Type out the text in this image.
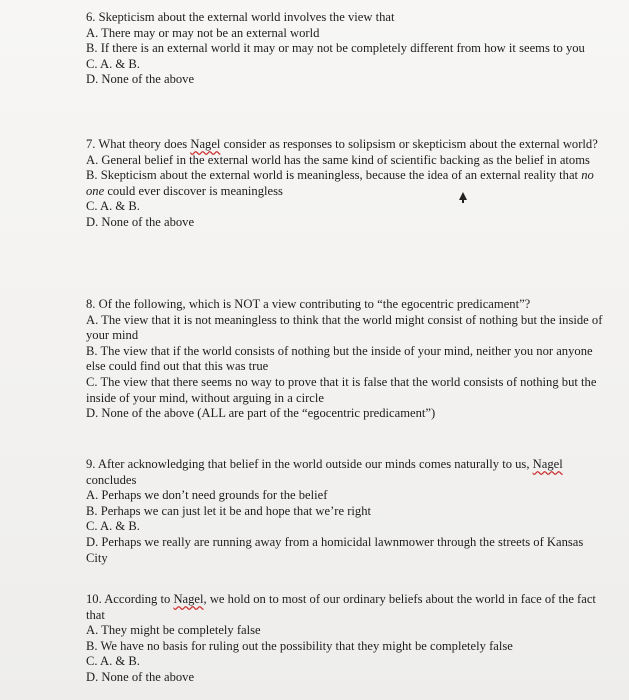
6. Skepticism about the external world involves the view that

A. There may or may not be an external world

B. If there is an external world it may or may not be completely different from how it seems to you

C. A. & B.

D. None of the above

7. What theory does Nagel consider as responses to solipsism or skepticism about the external world?

A. General belief in the external world has the same kind of scientific backing as the belief in atoms

B. Skepticism about the external world is meaningless, because the idea of an external reality that no one could ever discover is meaningless

C. A. & B.

D. None of the above

8. Of the following, which is NOT a view contributing to “the egocentric predicament”?

A. The view that it is not meaningless to think that the world might consist of nothing but the inside of your mind

B. The view that if the world consists of nothing but the inside of your mind, neither you nor anyone else could find out that this was true

C. The view that there seems no way to prove that it is false that the world consists of nothing but the inside of your mind, without arguing in a circle

D. None of the above (ALL are part of the “egocentric predicament”)

9. After acknowledging that belief in the world outside our minds comes naturally to us, Nagel concludes

A. Perhaps we don’t need grounds for the belief

B. Perhaps we can just let it be and hope that we’re right

C. A. & B.

D. Perhaps we really are running away from a homicidal lawnmower through the streets of Kansas City

10. According to Nagel, we hold on to most of our ordinary beliefs about the world in face of the fact that

A. They might be completely false

B. We have no basis for ruling out the possibility that they might be completely false

C. A. & B.

D. None of the above
